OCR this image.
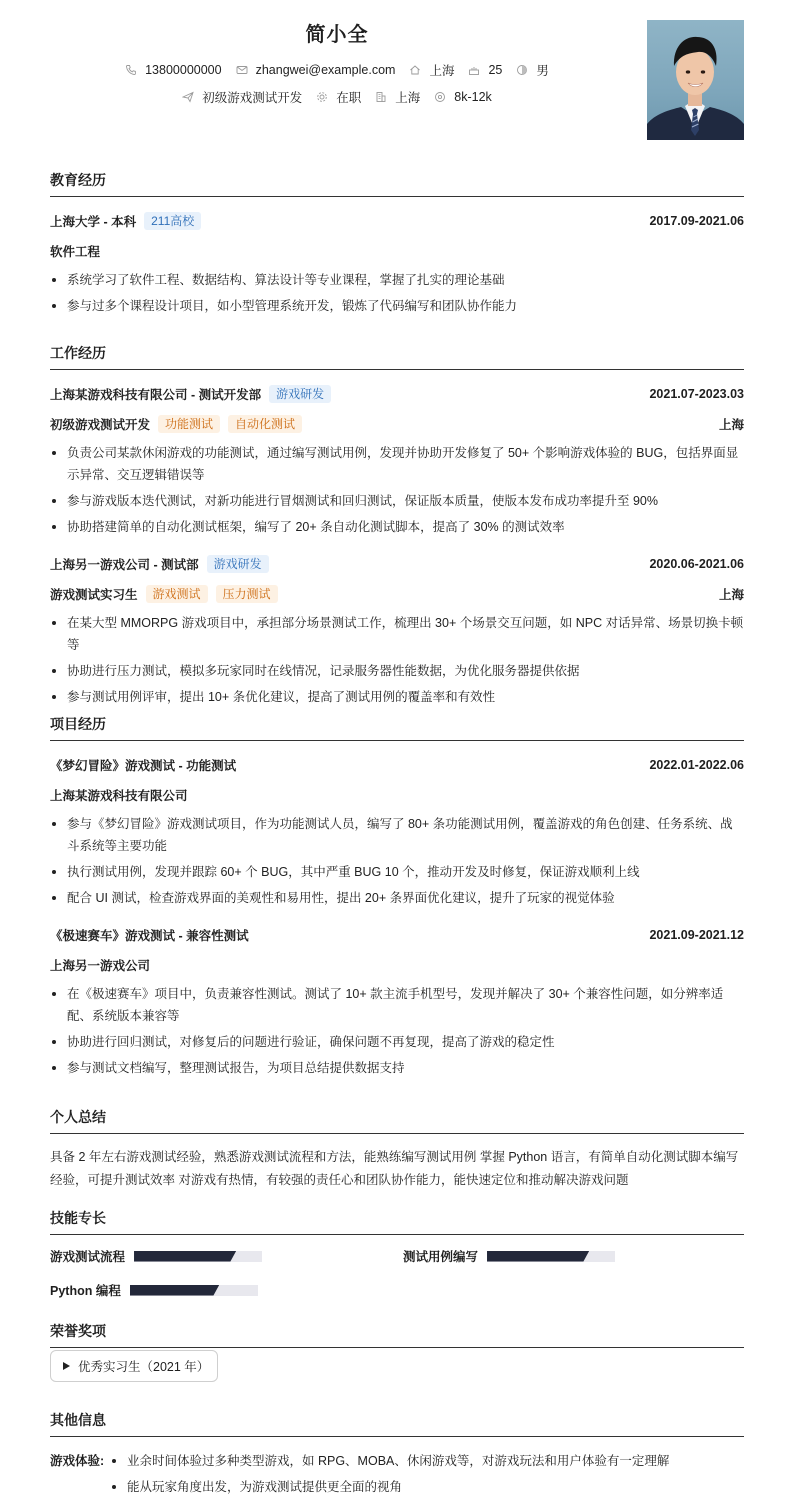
简小全
13800000000	zhangwei@example.com	上海	25	男
初级游戏测试开发	在职	上海	8k-12k
教育经历
上海大学 - 本科	211高校	2017.09-2021.06
软件工程
系统学习了软件工程、数据结构、算法设计等专业课程，掌握了扎实的理论基础
参与过多个课程设计项目，如小型管理系统开发，锻炼了代码编写和团队协作能力
工作经历
上海某游戏科技有限公司 - 测试开发部	游戏研发	2021.07-2023.03
初级游戏测试开发	功能测试	自动化测试	上海
负责公司某款休闲游戏的功能测试，通过编写测试用例，发现并协助开发修复了 50+ 个影响游戏体验的 BUG，包括界面显示异常、交互逻辑错误等
参与游戏版本迭代测试，对新功能进行冒烟测试和回归测试，保证版本质量，使版本发布成功率提升至 90%
协助搭建简单的自动化测试框架，编写了 20+ 条自动化测试脚本，提高了 30% 的测试效率
上海另一游戏公司 - 测试部	游戏研发	2020.06-2021.06
游戏测试实习生	游戏测试	压力测试	上海
在某大型 MMORPG 游戏项目中，承担部分场景测试工作，梳理出 30+ 个场景交互问题，如 NPC 对话异常、场景切换卡顿等
协助进行压力测试，模拟多玩家同时在线情况，记录服务器性能数据，为优化服务器提供依据
参与测试用例评审，提出 10+ 条优化建议，提高了测试用例的覆盖率和有效性
项目经历
《梦幻冒险》游戏测试 - 功能测试	2022.01-2022.06
上海某游戏科技有限公司
参与《梦幻冒险》游戏测试项目，作为功能测试人员，编写了 80+ 条功能测试用例，覆盖游戏的角色创建、任务系统、战斗系统等主要功能
执行测试用例，发现并跟踪 60+ 个 BUG，其中严重 BUG 10 个，推动开发及时修复，保证游戏顺利上线
配合 UI 测试，检查游戏界面的美观性和易用性，提出 20+ 条界面优化建议，提升了玩家的视觉体验
《极速赛车》游戏测试 - 兼容性测试	2021.09-2021.12
上海另一游戏公司
在《极速赛车》项目中，负责兼容性测试。测试了 10+ 款主流手机型号，发现并解决了 30+ 个兼容性问题，如分辨率适配、系统版本兼容等
协助进行回归测试，对修复后的问题进行验证，确保问题不再复现，提高了游戏的稳定性
参与测试文档编写，整理测试报告，为项目总结提供数据支持
个人总结

具备 2 年左右游戏测试经验，熟悉游戏测试流程和方法，能熟练编写测试用例 掌握 Python 语言，有简单自动化测试脚本编写经验，可提升测试效率 对游戏有热情，有较强的责任心和团队协作能力，能快速定位和推动解决游戏问题

技能专长
游戏测试流程	测试用例编写
Python 编程
荣誉奖项
优秀实习生（2021 年）
其他信息
游戏体验:	业余时间体验过多种类型游戏，如 RPG、MOBA、休闲游戏等，对游戏玩法和用户体验有一定理解
能从玩家角度出发，为游戏测试提供更全面的视角
